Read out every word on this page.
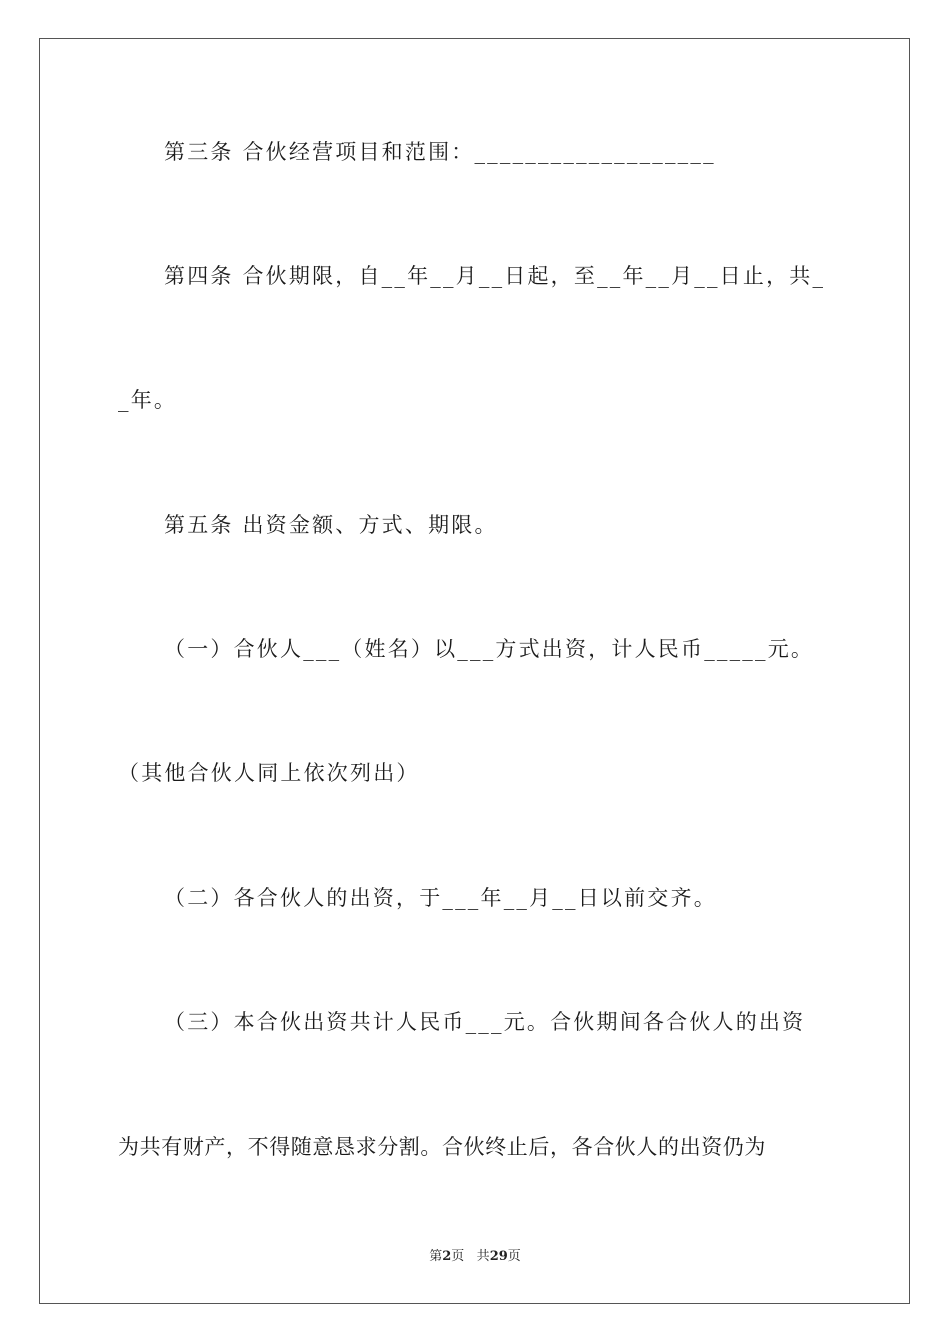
第三条 合伙经营项目和范围：___________________
第四条 合伙期限，自__年__月__日起，至__年__月__日止，共_
_年。
第五条 出资金额、方式、期限。
（一）合伙人___（姓名）以___方式出资，计人民币_____元。
（其他合伙人同上依次列出）
（二）各合伙人的出资，于___年__月__日以前交齐。
（三）本合伙出资共计人民币___元。合伙期间各合伙人的出资
为共有财产，不得随意恳求分割。合伙终止后，各合伙人的出资仍为
第2页 共29页
